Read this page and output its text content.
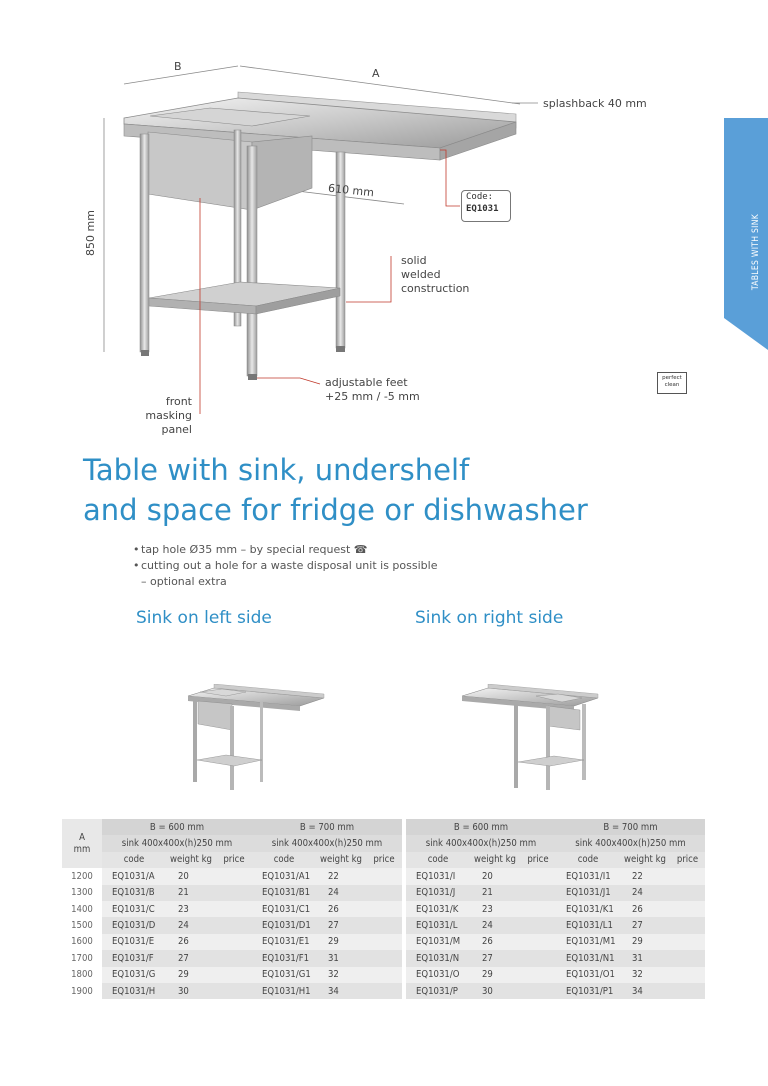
TABLES WITH SINK
B
A
splashback 40 mm
850 mm
610 mm	Code:
EQ1031
solid
welded
construction
adjustable feet
+25 mm / -5 mm
front
masking panel
perfect
clean
Table with sink, undershelf
and space for fridge or dishwasher
• tap hole Ø35 mm – by special request ☎
• cutting out a hole for a waste disposal unit is possible
– optional extra
Sink on left side	Sink on right side
A
mm	B = 600 mm			B = 700 mm				B = 600 mm			B = 700 mm		
	sink 400x400x(h)250 mm			sink 400x400x(h)250 mm				sink 400x400x(h)250 mm			sink 400x400x(h)250 mm		
	code	weight kg	price	code	weight kg	price		code	weight kg	price	code	weight kg	price
1200	EQ1031/A	20		EQ1031/A1	22			EQ1031/I	20		EQ1031/I1	22	
1300	EQ1031/B	21		EQ1031/B1	24			EQ1031/J	21		EQ1031/J1	24	
1400	EQ1031/C	23		EQ1031/C1	26			EQ1031/K	23		EQ1031/K1	26	
1500	EQ1031/D	24		EQ1031/D1	27			EQ1031/L	24		EQ1031/L1	27	
1600	EQ1031/E	26		EQ1031/E1	29			EQ1031/M	26		EQ1031/M1	29	
1700	EQ1031/F	27		EQ1031/F1	31			EQ1031/N	27		EQ1031/N1	31	
1800	EQ1031/G	29		EQ1031/G1	32			EQ1031/O	29		EQ1031/O1	32	
1900	EQ1031/H	30		EQ1031/H1	34			EQ1031/P	30		EQ1031/P1	34	
